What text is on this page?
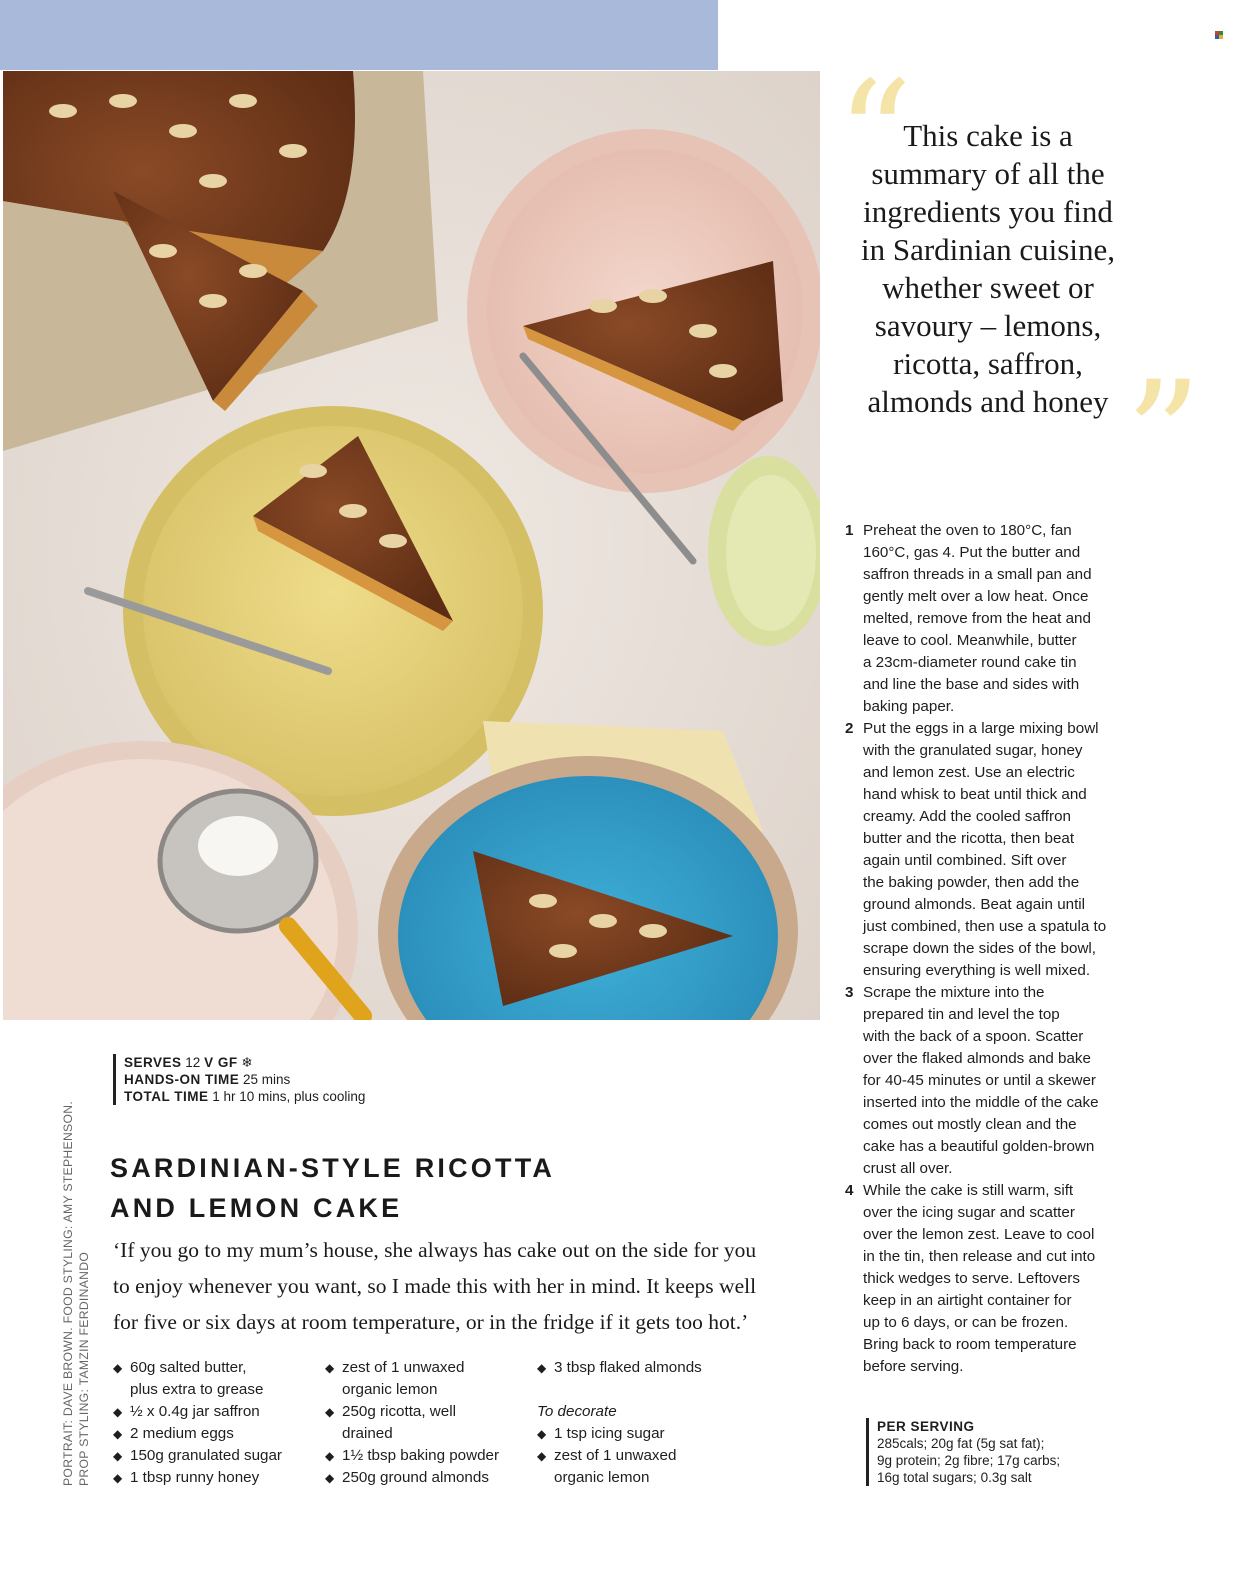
“
This cake is a
summary of all the
ingredients you find
in Sardinian cuisine,
whether sweet or
savoury – lemons,
ricotta, saffron,
almonds and honey ”
1 Preheat the oven to 180°C, fan
160°C, gas 4. Put the butter and
saffron threads in a small pan and
gently melt over a low heat. Once
melted, remove from the heat and
leave to cool. Meanwhile, butter
a 23cm-diameter round cake tin
and line the base and sides with
baking paper.
2 Put the eggs in a large mixing bowl
with the granulated sugar, honey
and lemon zest. Use an electric
hand whisk to beat until thick and
creamy. Add the cooled saffron
butter and the ricotta, then beat
again until combined. Sift over
the baking powder, then add the
ground almonds. Beat again until
just combined, then use a spatula to
scrape down the sides of the bowl,
ensuring everything is well mixed.
3 Scrape the mixture into the
prepared tin and level the top
with the back of a spoon. Scatter
over the flaked almonds and bake
for 40-45 minutes or until a skewer
inserted into the middle of the cake
comes out mostly clean and the
cake has a beautiful golden-brown
crust all over.
4 While the cake is still warm, sift
over the icing sugar and scatter
over the lemon zest. Leave to cool
in the tin, then release and cut into
thick wedges to serve. Leftovers
keep in an airtight container for
up to 6 days, or can be frozen.
Bring back to room temperature
before serving.
PORTRAIT: DAVE BROWN. FOOD STYLING: AMY STEPHENSON. PROP STYLING: TAMZIN FERDINANDO
SERVES 12 V GF ❄
HANDS-ON TIME 25 mins
TOTAL TIME 1 hr 10 mins, plus cooling
SARDINIAN-STYLE RICOTTA
AND LEMON CAKE
‘If you go to my mum’s house, she always has cake out on the side for you
to enjoy whenever you want, so I made this with her in mind. It keeps well
for five or six days at room temperature, or in the fridge if it gets too hot.’
◆ 60g salted butter,
plus extra to grease
◆ ½ x 0.4g jar saffron
◆ 2 medium eggs
◆ 150g granulated sugar
◆ 1 tbsp runny honey
◆ zest of 1 unwaxed
organic lemon
◆ 250g ricotta, well
drained
◆ 1½ tbsp baking powder
◆ 250g ground almonds
◆ 3 tbsp flaked almonds
To decorate
◆ 1 tsp icing sugar
◆ zest of 1 unwaxed
organic lemon
PER SERVING
285cals; 20g fat (5g sat fat);
9g protein; 2g fibre; 17g carbs;
16g total sugars; 0.3g salt
